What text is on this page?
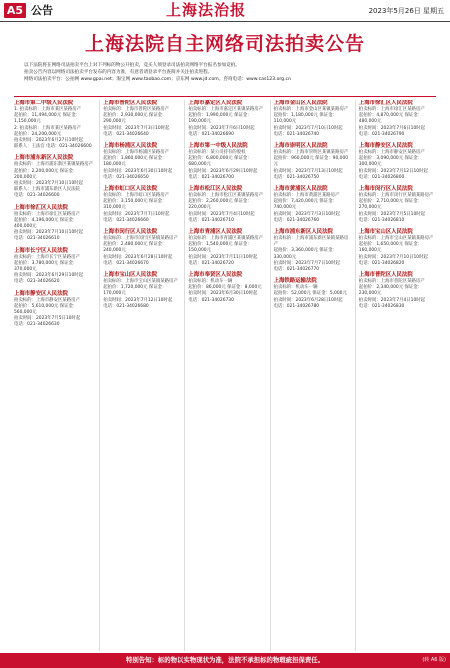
A5 公告	上海法治报	2023年5月26日 星期五
上海法院自主网络司法拍卖公告

以下法院将在网络司法拍卖平台上对下列标的物公开拍卖，竞买人须登录司法拍卖网络平台报名参加竞拍。

拍卖公告内容以网络司法拍卖平台发布的内容为准，有意者请登录平台查阅并关注拍卖进程。

网络司法拍卖平台：公拍网 www.gpai.net；淘宝网 www.taobao.com；京东网 www.jd.com。咨询电话：www.cas123.org.cn

上海市第二中级人民法院
1. 拍卖标的：上海市某区某路房产
起拍价：11,494,000元 保证金：1,150,000元
2. 拍卖标的：上海市某区某路房产
起拍价：24,200,000元
拍卖时间：2023年6月27日10时起
联系人：王法官 电话：021-34026600
上海市浦东新区人民法院
拍卖标的：上海市浦东新区某镇某路房产
起拍价：2,200,000元 保证金：200,000元
拍卖时间：2023年7月10日10时起
联系人：上海市浦东新区人民法院
电话：021-34026600
上海市徐汇区人民法院
拍卖标的：上海市徐汇区某路房产
起拍价：4,196,000元 保证金：400,000元
拍卖时间：2023年7月10日10时起
电话：021-34026610
上海市长宁区人民法院
拍卖标的：上海市长宁区某路房产
起拍价：3,780,000元 保证金：370,000元
拍卖时间：2023年6月29日10时起
电话：021-34026620
上海市静安区人民法院
拍卖标的：上海市静安区某路房产
起拍价：5,610,000元 保证金：560,000元
拍卖时间：2023年7月5日10时起
电话：021-34026630
上海市普陀区人民法院
拍卖标的：上海市普陀区某路房产
起拍价：2,930,000元 保证金：290,000元
拍卖时间：2023年7月3日10时起
电话：021-34026640
上海市杨浦区人民法院
拍卖标的：上海市杨浦区某路房产
起拍价：1,860,000元 保证金：180,000元
拍卖时间：2023年6月30日10时起
电话：021-34026650
上海市虹口区人民法院
拍卖标的：上海市虹口区某路房产
起拍价：3,150,000元 保证金：310,000元
拍卖时间：2023年7月7日10时起
电话：021-34026660
上海市闵行区人民法院
拍卖标的：上海市闵行区某镇某路房产
起拍价：2,480,000元 保证金：240,000元
拍卖时间：2023年6月28日10时起
电话：021-34026670
上海市宝山区人民法院
拍卖标的：上海市宝山区某镇某路房产
起拍价：1,720,000元 保证金：170,000元
拍卖时间：2023年7月12日10时起
电话：021-34026680
上海市嘉定区人民法院
拍卖标的：上海市嘉定区某镇某路房产
起拍价：1,990,000元 保证金：190,000元
拍卖时间：2023年7月6日10时起
电话：021-34026690
上海市第一中级人民法院
拍卖标的：某公司持有的股权
起拍价：6,800,000元 保证金：680,000元
拍卖时间：2023年6月29日10时起
电话：021-34026700
上海市松江区人民法院
拍卖标的：上海市松江区某镇某路房产
起拍价：2,260,000元 保证金：220,000元
拍卖时间：2023年7月4日10时起
电话：021-34026710
上海市青浦区人民法院
拍卖标的：上海市青浦区某镇某路房产
起拍价：1,540,000元 保证金：150,000元
拍卖时间：2023年7月11日10时起
电话：021-34026720
上海市奉贤区人民法院
拍卖标的：机动车一辆
起拍价：86,000元 保证金：8,000元
拍卖时间：2023年6月30日10时起
电话：021-34026730
上海市金山区人民法院
拍卖标的：上海市金山区某镇某路房产
起拍价：1,180,000元 保证金：110,000元
拍卖时间：2023年7月10日10时起
电话：021-34026740
上海市崇明区人民法院
拍卖标的：上海市崇明区某镇某路房产
起拍价：960,000元 保证金：90,000元
拍卖时间：2023年7月13日10时起
电话：021-34026750
上海市黄浦区人民法院
拍卖标的：上海市黄浦区某路房产
起拍价：7,420,000元 保证金：740,000元
拍卖时间：2023年7月3日10时起
电话：021-34026760
上海市浦东新区人民法院
拍卖标的：上海市浦东新区某镇某路房产
起拍价：3,360,000元 保证金：330,000元
拍卖时间：2023年7月7日10时起
电话：021-34026770
上海铁路运输法院
拍卖标的：机动车一辆
起拍价：52,000元 保证金：5,000元
拍卖时间：2023年6月28日10时起
电话：021-34026780
上海市徐汇区人民法院
拍卖标的：上海市徐汇区某路房产
起拍价：4,870,000元 保证金：480,000元
拍卖时间：2023年7月6日10时起
电话：021-34026790
上海市静安区人民法院
拍卖标的：上海市静安区某路房产
起拍价：3,090,000元 保证金：300,000元
拍卖时间：2023年7月12日10时起
电话：021-34026800
上海市闵行区人民法院
拍卖标的：上海市闵行区某镇某路房产
起拍价：2,710,000元 保证金：270,000元
拍卖时间：2023年7月5日10时起
电话：021-34026810
上海市宝山区人民法院
拍卖标的：上海市宝山区某镇某路房产
起拍价：1,650,000元 保证金：160,000元
拍卖时间：2023年7月10日10时起
电话：021-34026820
上海市普陀区人民法院
拍卖标的：上海市普陀区某路房产
起拍价：2,340,000元 保证金：230,000元
拍卖时间：2023年7月4日10时起
电话：021-34026830
特别告知：标的物以实物现状为准，法院不承担标的物瑕疵担保责任。	(转 A6 版)
